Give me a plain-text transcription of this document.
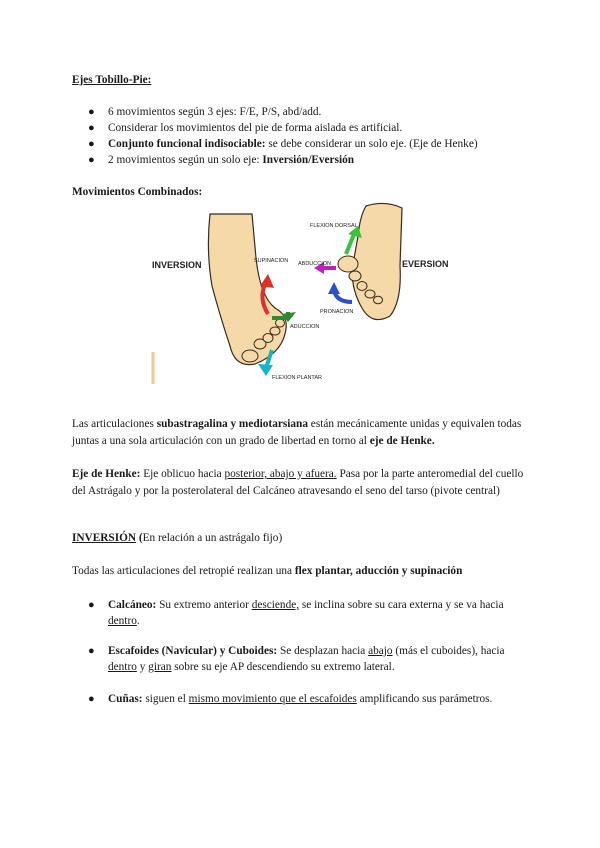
Ejes Tobillo-Pie:
● 6 movimientos según 3 ejes: F/E, P/S, abd/add.
● Considerar los movimientos del pie de forma aislada es artificial.
● Conjunto funcional indisociable: se debe considerar un solo eje. (Eje de Henke)
● 2 movimientos según un solo eje: Inversión/Eversión
Movimientos Combinados:
INVERSION	EVERSION
SUPINACION
ADUCCION
FLEXION PLANTAR
FLEXION DORSAL
ABDUCCION
PRONACION
Las articulaciones subastragalina y mediotarsiana están mecánicamente unidas y equivalen todas juntas a una sola articulación con un grado de libertad en torno al eje de Henke.
Eje de Henke: Eje oblicuo hacia posterior, abajo y afuera. Pasa por la parte anteromedial del cuello del Astrágalo y por la posterolateral del Calcáneo atravesando el seno del tarso (pivote central)
INVERSIÓN (En relación a un astrágalo fijo)
Todas las articulaciones del retropié realizan una flex plantar, aducción y supinación
● Calcáneo: Su extremo anterior desciende, se inclina sobre su cara externa y se va hacia dentro.
● Escafoides (Navicular) y Cuboides: Se desplazan hacia abajo (más el cuboides), hacia dentro y giran sobre su eje AP descendiendo su extremo lateral.
● Cuñas: siguen el mismo movimiento que el escafoides amplificando sus parámetros.
